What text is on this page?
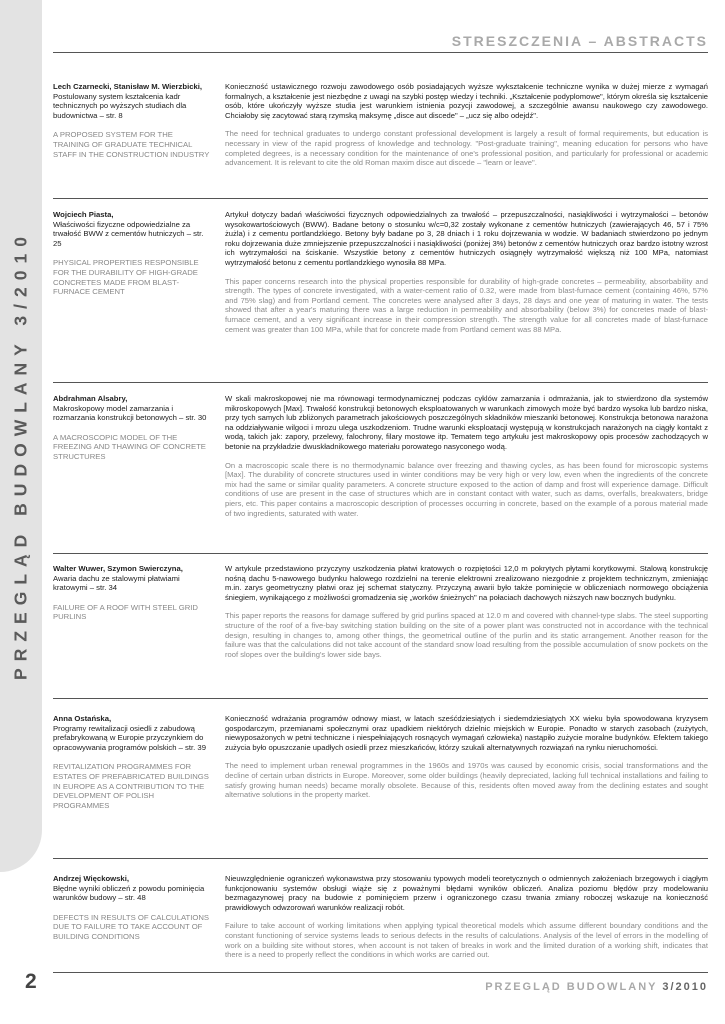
PRZEGLĄD BUDOWLANY 3/2010
2
STRESZCZENIA – ABSTRACTS
Lech Czarnecki, Stanisław M. Wierzbicki,
Postulowany system kształcenia kadr technicznych po wyższych studiach dla budownictwa – str. 8
A PROPOSED SYSTEM FOR THE TRAINING OF GRADUATE TECHNICAL STAFF IN THE CONSTRUCTION INDUSTRY

Konieczność ustawicznego rozwoju zawodowego osób posiadających wyższe wykształcenie techniczne wynika w dużej mierze z wymagań formalnych, a kształcenie jest niezbędne z uwagi na szybki postęp wiedzy i techniki. „Kształcenie podyplomowe", którym określa się kształcenie osób, które ukończyły wyższe studia jest warunkiem istnienia pozycji zawodowej, a szczególnie awansu naukowego czy zawodowego. Chciałoby się zacytować starą rzymską maksymę „disce aut discede" – „ucz się albo odejdź".

The need for technical graduates to undergo constant professional development is largely a result of formal requirements, but education is necessary in view of the rapid progress of knowledge and technology. "Post-graduate training", meaning education for persons who have completed degrees, is a necessary condition for the maintenance of one's professional position, and particularly for professional or academic advancement. It is relevant to cite the old Roman maxim disce aut discede – "learn or leave".

Wojciech Piasta,
Właściwości fizyczne odpowiedzialne za trwałość BWW z cementów hutniczych – str. 25
PHYSICAL PROPERTIES RESPONSIBLE FOR THE DURABILITY OF HIGH-GRADE CONCRETES MADE FROM BLAST-FURNACE CEMENT

Artykuł dotyczy badań właściwości fizycznych odpowiedzialnych za trwałość – przepuszczalności, nasiąkliwości i wytrzymałości – betonów wysokowartościowych (BWW). Badane betony o stosunku w/c=0,32 zostały wykonane z cementów hutniczych (zawierających 46, 57 i 75% żużla) i z cementu portlandzkiego. Betony były badane po 3, 28 dniach i 1 roku dojrzewania w wodzie. W badaniach stwierdzono po jednym roku dojrzewania duże zmniejszenie przepuszczalności i nasiąkliwości (poniżej 3%) betonów z cementów hutniczych oraz bardzo istotny wzrost ich wytrzymałości na ściskanie. Wszystkie betony z cementów hutniczych osiągnęły wytrzymałość większą niż 100 MPa, natomiast wytrzymałość betonu z cementu portlandzkiego wynosiła 88 MPa.

This paper concerns research into the physical properties responsible for durability of high-grade concretes – permeability, absorbability and strength. The types of concrete investigated, with a water-cement ratio of 0.32, were made from blast-furnace cement (containing 46%, 57% and 75% slag) and from Portland cement. The concretes were analysed after 3 days, 28 days and one year of maturing in water. The tests showed that after a year's maturing there was a large reduction in permeability and absorbability (below 3%) for concretes made of blast-furnace cement, and a very significant increase in their compression strength. The strength value for all concretes made of blast-furnace cement was greater than 100 MPa, while that for concrete made from Portland cement was 88 MPa.

Abdrahman Alsabry,
Makroskopowy model zamarzania i rozmarzania konstrukcji betonowych – str. 30
A MACROSCOPIC MODEL OF THE FREEZING AND THAWING OF CONCRETE STRUCTURES

W skali makroskopowej nie ma równowagi termodynamicznej podczas cyklów zamarzania i odmrażania, jak to stwierdzono dla systemów mikroskopowych [Max]. Trwałość konstrukcji betonowych eksploatowanych w warunkach zimowych może być bardzo wysoka lub bardzo niska, przy tych samych lub zbliżonych parametrach jakościowych poszczególnych składników mieszanki betonowej. Konstrukcja betonowa narażona na oddziaływanie wilgoci i mrozu ulega uszkodzeniom. Trudne warunki eksploatacji występują w konstrukcjach narażonych na ciągły kontakt z wodą, takich jak: zapory, przelewy, falochrony, filary mostowe itp. Tematem tego artykułu jest makroskopowy opis procesów zachodzących w betonie na przykładzie dwuskładnikowego materiału porowatego nasyconego wodą.

On a macroscopic scale there is no thermodynamic balance over freezing and thawing cycles, as has been found for microscopic systems [Max]. The durability of concrete structures used in winter conditions may be very high or very low, even when the ingredients of the concrete mix had the same or similar quality parameters. A concrete structure exposed to the action of damp and frost will experience damage. Difficult conditions of use are present in the case of structures which are in constant contact with water, such as dams, overfalls, breakwaters, bridge piers, etc. This paper contains a macroscopic description of processes occurring in concrete, based on the example of a porous material made of two ingredients, saturated with water.

Walter Wuwer, Szymon Swierczyna,
Awaria dachu ze stalowymi płatwiami kratowymi – str. 34
FAILURE OF A ROOF WITH STEEL GRID PURLINS

W artykule przedstawiono przyczyny uszkodzenia płatwi kratowych o rozpiętości 12,0 m pokrytych płytami korytkowymi. Stalową konstrukcję nośną dachu 5-nawowego budynku halowego rozdzielni na terenie elektrowni zrealizowano niezgodnie z projektem technicznym, zmieniając m.in. zarys geometryczny płatwi oraz jej schemat statyczny. Przyczyną awarii było także pominięcie w obliczeniach normowego obciążenia śniegiem, wynikającego z możliwości gromadzenia się „worków śnieżnych" na połaciach dachowych niższych naw bocznych budynku.

This paper reports the reasons for damage suffered by grid purlins spaced at 12.0 m and covered with channel-type slabs. The steel supporting structure of the roof of a five-bay switching station building on the site of a power plant was constructed not in accordance with the technical design, resulting in changes to, among other things, the geometrical outline of the purlin and its static arrangement. Another reason for the failure was that the calculations did not take account of the standard snow load resulting from the possible accumulation of snow pockets on the roof slopes over the building's lower side bays.

Anna Ostańska,
Programy rewitalizacji osiedli z zabudową prefabrykowaną w Europie przyczynkiem do opracowywania programów polskich – str. 39
REVITALIZATION PROGRAMMES FOR ESTATES OF PREFABRICATED BUILDINGS IN EUROPE AS A CONTRIBUTION TO THE DEVELOPMENT OF POLISH PROGRAMMES

Konieczność wdrażania programów odnowy miast, w latach sześćdziesiątych i siedemdziesiątych XX wieku była spowodowana kryzysem gospodarczym, przemianami społecznymi oraz upadkiem niektórych dzielnic miejskich w Europie. Ponadto w starych zasobach (zużytych, niewyposażonych w petni techniczne i niespełniających rosnących wymagań człowieka) nastąpiło zużycie moralne budynków. Efektem takiego zużycia było opuszczanie upadłych osiedli przez mieszkańców, którzy szukali alternatywnych rozwiązań na rynku nieruchomości.

The need to implement urban renewal programmes in the 1960s and 1970s was caused by economic crisis, social transformations and the decline of certain urban districts in Europe. Moreover, some older buildings (heavily depreciated, lacking full technical installations and failing to satisfy growing human needs) became morally obsolete. Because of this, residents often moved away from the declining estates and sought alternative solutions in the property market.

Andrzej Więckowski,
Błędne wyniki obliczeń z powodu pominięcia warunków budowy – str. 48
DEFECTS IN RESULTS OF CALCULATIONS DUE TO FAILURE TO TAKE ACCOUNT OF BUILDING CONDITIONS

Nieuwzględnienie ograniczeń wykonawstwa przy stosowaniu typowych modeli teoretycznych o odmiennych założeniach brzegowych i ciągłym funkcjonowaniu systemów obsługi wiąże się z poważnymi błędami wyników obliczeń. Analiza poziomu błędów przy modelowaniu bezmagazynowej pracy na budowie z pominięciem przerw i ograniczonego czasu trwania zmiany roboczej wskazuje na konieczność prawidłowych odwzorowań warunków realizacji robót.

Failure to take account of working limitations when applying typical theoretical models which assume different boundary conditions and the constant functioning of service systems leads to serious defects in the results of calculations. Analysis of the level of errors in the modelling of work on a building site without stores, when account is not taken of breaks in work and the limited duration of a working shift, indicates that there is a need to properly reflect the conditions in which works are carried out.

PRZEGLĄD BUDOWLANY 3/2010
